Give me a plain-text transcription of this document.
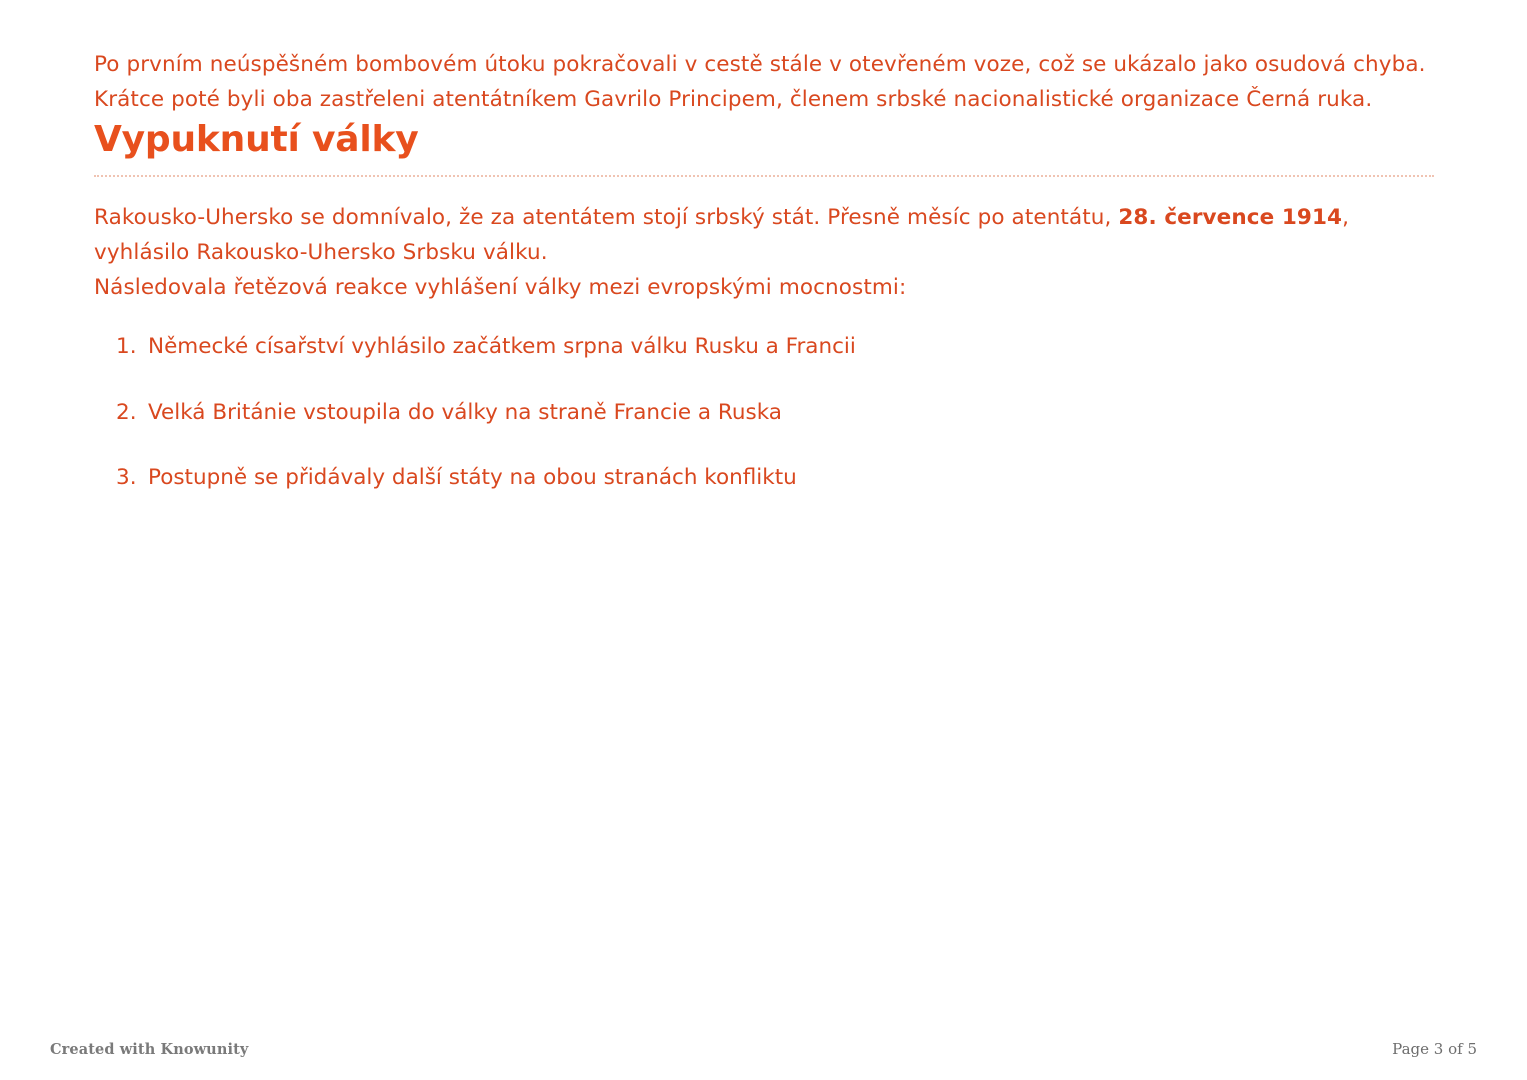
Po prvním neúspěšném bombovém útoku pokračovali v cestě stále v otevřeném voze, což se ukázalo jako osudová chyba. Krátce poté byli oba zastřeleni atentátníkem Gavrilo Principem, členem srbské nacionalistické organizace Černá ruka.

Vypuknutí války

Rakousko-Uhersko se domnívalo, že za atentátem stojí srbský stát. Přesně měsíc po atentátu, 28. července 1914, vyhlásilo Rakousko-Uhersko Srbsku válku.

Následovala řetězová reakce vyhlášení války mezi evropskými mocnostmi:

Německé císařství vyhlásilo začátkem srpna válku Rusku a Francii
Velká Británie vstoupila do války na straně Francie a Ruska
Postupně se přidávaly další státy na obou stranách konfliktu
Created with Knowunity	Page 3 of 5
